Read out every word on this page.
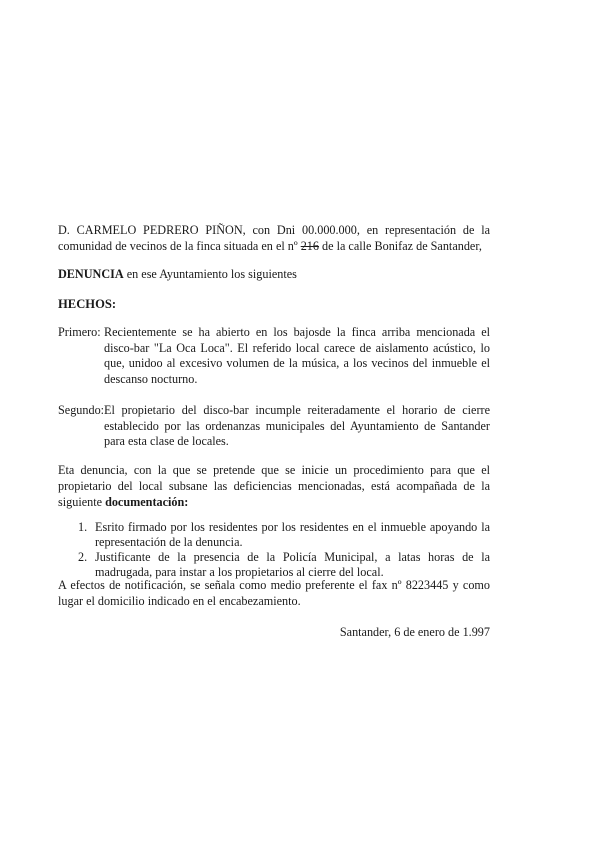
D. CARMELO PEDRERO PIÑON, con Dni 00.000.000, en representación de la comunidad de vecinos de la finca situada en el nº 216 de la calle Bonifaz de Santander,

DENUNCIA en ese Ayuntamiento los siguientes

HECHOS:

Primero: Recientemente se ha abierto en los bajosde la finca arriba mencionada el disco-bar "La Oca Loca". El referido local carece de aislamento acústico, lo que, unidoo al excesivo volumen de la música, a los vecinos del inmueble el descanso nocturno.
Segundo: El propietario del disco-bar incumple reiteradamente el horario de cierre establecido por las ordenanzas municipales del Ayuntamiento de Santander para esta clase de locales.

Eta denuncia, con la que se pretende que se inicie un procedimiento para que el propietario del local subsane las deficiencias mencionadas, está acompañada de la siguiente documentación:

1. Esrito firmado por los residentes por los residentes en el inmueble apoyando la representación de la denuncia.
2. Justificante de la presencia de la Policía Municipal, a latas horas de la madrugada, para instar a los propietarios al cierre del local.

A efectos de notificación, se señala como medio preferente el fax nº 8223445 y como lugar el domicilio indicado en el encabezamiento.

Santander, 6 de enero de 1.997
